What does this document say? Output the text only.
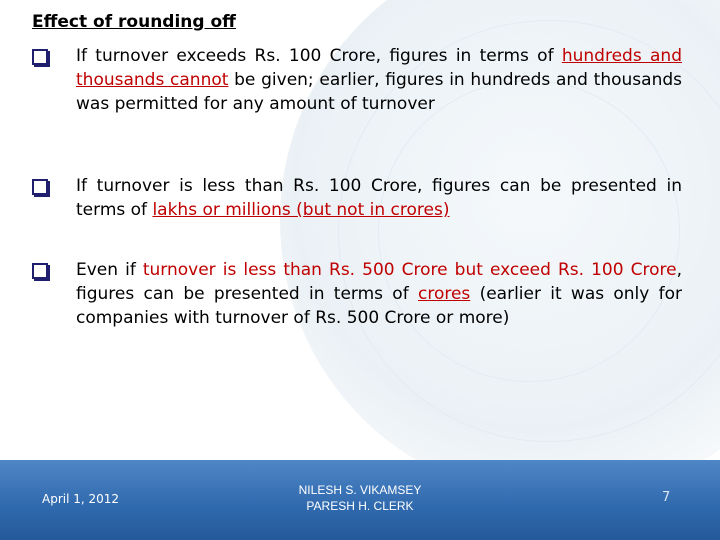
Effect of rounding off
If turnover exceeds Rs. 100 Crore, figures in terms of hundreds and thousands cannot be given; earlier, figures in hundreds and thousands was permitted for any amount of turnover
If turnover is less than Rs. 100 Crore, figures can be presented in terms of lakhs or millions (but not in crores)
Even if turnover is less than Rs. 500 Crore but exceed Rs. 100 Crore, figures can be presented in terms of crores (earlier it was only for companies with turnover of Rs. 500 Crore or more)
April 1, 2012
NILESH S. VIKAMSEY
PARESH H. CLERK
7
